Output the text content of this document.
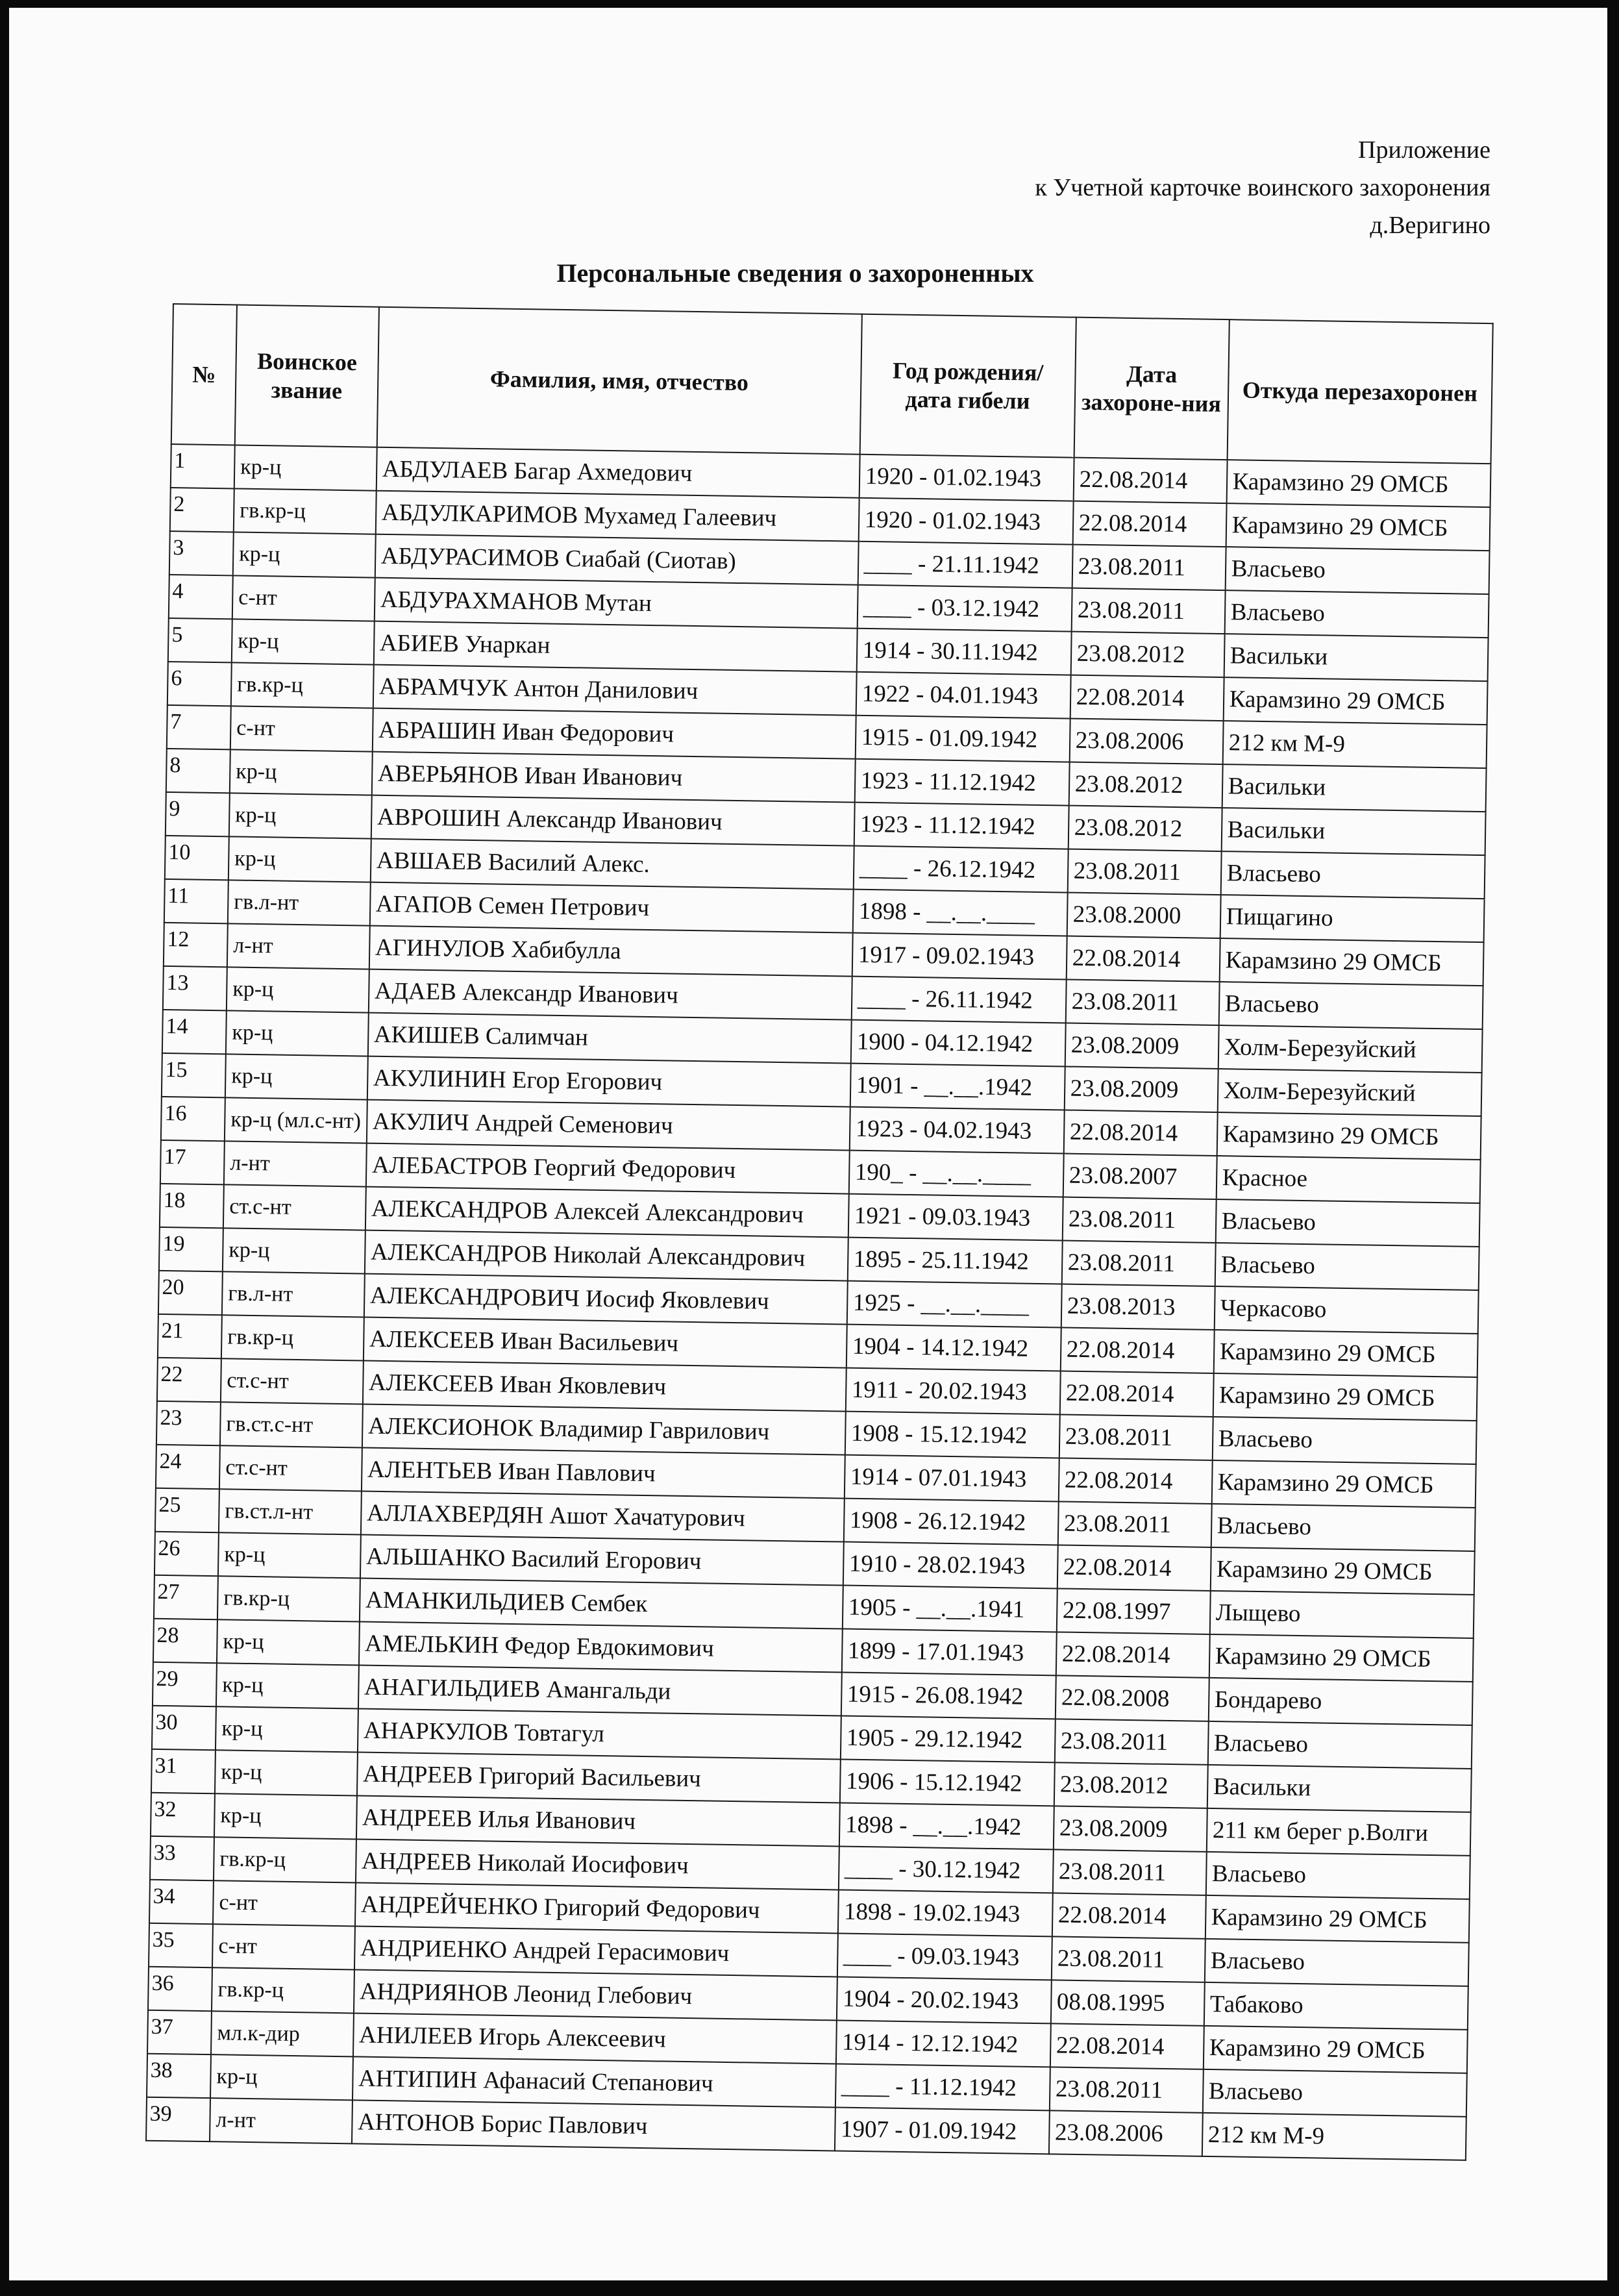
Приложение
к Учетной карточке воинского захоронения
д.Веригино
Персональные сведения о захороненных
№	Воинское звание	Фамилия, имя, отчество	Год рождения/ дата гибели	Дата захороне-ния	Откуда перезахоронен
1	кр-ц	АБДУЛАЕВ Багар Ахмедович	1920 - 01.02.1943	22.08.2014	Карамзино 29 ОМСБ
2	гв.кр-ц	АБДУЛКАРИМОВ Мухамед Галеевич	1920 - 01.02.1943	22.08.2014	Карамзино 29 ОМСБ
3	кр-ц	АБДУРАСИМОВ Сиабай (Сиотав)	____ - 21.11.1942	23.08.2011	Власьево
4	с-нт	АБДУРАХМАНОВ Мутан	____ - 03.12.1942	23.08.2011	Власьево
5	кр-ц	АБИЕВ Унаркан	1914 - 30.11.1942	23.08.2012	Васильки
6	гв.кр-ц	АБРАМЧУК Антон Данилович	1922 - 04.01.1943	22.08.2014	Карамзино 29 ОМСБ
7	с-нт	АБРАШИН Иван Федорович	1915 - 01.09.1942	23.08.2006	212 км М-9
8	кр-ц	АВЕРЬЯНОВ Иван Иванович	1923 - 11.12.1942	23.08.2012	Васильки
9	кр-ц	АВРОШИН Александр Иванович	1923 - 11.12.1942	23.08.2012	Васильки
10	кр-ц	АВШАЕВ Василий Алекс.	____ - 26.12.1942	23.08.2011	Власьево
11	гв.л-нт	АГАПОВ Семен Петрович	1898 - __.__.____	23.08.2000	Пищагино
12	л-нт	АГИНУЛОВ Хабибулла	1917 - 09.02.1943	22.08.2014	Карамзино 29 ОМСБ
13	кр-ц	АДАЕВ Александр Иванович	____ - 26.11.1942	23.08.2011	Власьево
14	кр-ц	АКИШЕВ Салимчан	1900 - 04.12.1942	23.08.2009	Холм-Березуйский
15	кр-ц	АКУЛИНИН Егор Егорович	1901 - __.__.1942	23.08.2009	Холм-Березуйский
16	кр-ц (мл.с-нт)	АКУЛИЧ Андрей Семенович	1923 - 04.02.1943	22.08.2014	Карамзино 29 ОМСБ
17	л-нт	АЛЕБАСТРОВ Георгий Федорович	190_ - __.__.____	23.08.2007	Красное
18	ст.с-нт	АЛЕКСАНДРОВ Алексей Александрович	1921 - 09.03.1943	23.08.2011	Власьево
19	кр-ц	АЛЕКСАНДРОВ Николай Александрович	1895 - 25.11.1942	23.08.2011	Власьево
20	гв.л-нт	АЛЕКСАНДРОВИЧ Иосиф Яковлевич	1925 - __.__.____	23.08.2013	Черкасово
21	гв.кр-ц	АЛЕКСЕЕВ Иван Васильевич	1904 - 14.12.1942	22.08.2014	Карамзино 29 ОМСБ
22	ст.с-нт	АЛЕКСЕЕВ Иван Яковлевич	1911 - 20.02.1943	22.08.2014	Карамзино 29 ОМСБ
23	гв.ст.с-нт	АЛЕКСИОНОК Владимир Гаврилович	1908 - 15.12.1942	23.08.2011	Власьево
24	ст.с-нт	АЛЕНТЬЕВ Иван Павлович	1914 - 07.01.1943	22.08.2014	Карамзино 29 ОМСБ
25	гв.ст.л-нт	АЛЛАХВЕРДЯН Ашот Хачатурович	1908 - 26.12.1942	23.08.2011	Власьево
26	кр-ц	АЛЬШАНКО Василий Егорович	1910 - 28.02.1943	22.08.2014	Карамзино 29 ОМСБ
27	гв.кр-ц	АМАНКИЛЬДИЕВ Сембек	1905 - __.__.1941	22.08.1997	Лыщево
28	кр-ц	АМЕЛЬКИН Федор Евдокимович	1899 - 17.01.1943	22.08.2014	Карамзино 29 ОМСБ
29	кр-ц	АНАГИЛЬДИЕВ Амангальди	1915 - 26.08.1942	22.08.2008	Бондарево
30	кр-ц	АНАРКУЛОВ Товтагул	1905 - 29.12.1942	23.08.2011	Власьево
31	кр-ц	АНДРЕЕВ Григорий Васильевич	1906 - 15.12.1942	23.08.2012	Васильки
32	кр-ц	АНДРЕЕВ Илья Иванович	1898 - __.__.1942	23.08.2009	211 км берег р.Волги
33	гв.кр-ц	АНДРЕЕВ Николай Иосифович	____ - 30.12.1942	23.08.2011	Власьево
34	с-нт	АНДРЕЙЧЕНКО Григорий Федорович	1898 - 19.02.1943	22.08.2014	Карамзино 29 ОМСБ
35	с-нт	АНДРИЕНКО Андрей Герасимович	____ - 09.03.1943	23.08.2011	Власьево
36	гв.кр-ц	АНДРИЯНОВ Леонид Глебович	1904 - 20.02.1943	08.08.1995	Табаково
37	мл.к-дир	АНИЛЕЕВ Игорь Алексеевич	1914 - 12.12.1942	22.08.2014	Карамзино 29 ОМСБ
38	кр-ц	АНТИПИН Афанасий Степанович	____ - 11.12.1942	23.08.2011	Власьево
39	л-нт	АНТОНОВ Борис Павлович	1907 - 01.09.1942	23.08.2006	212 км М-9
